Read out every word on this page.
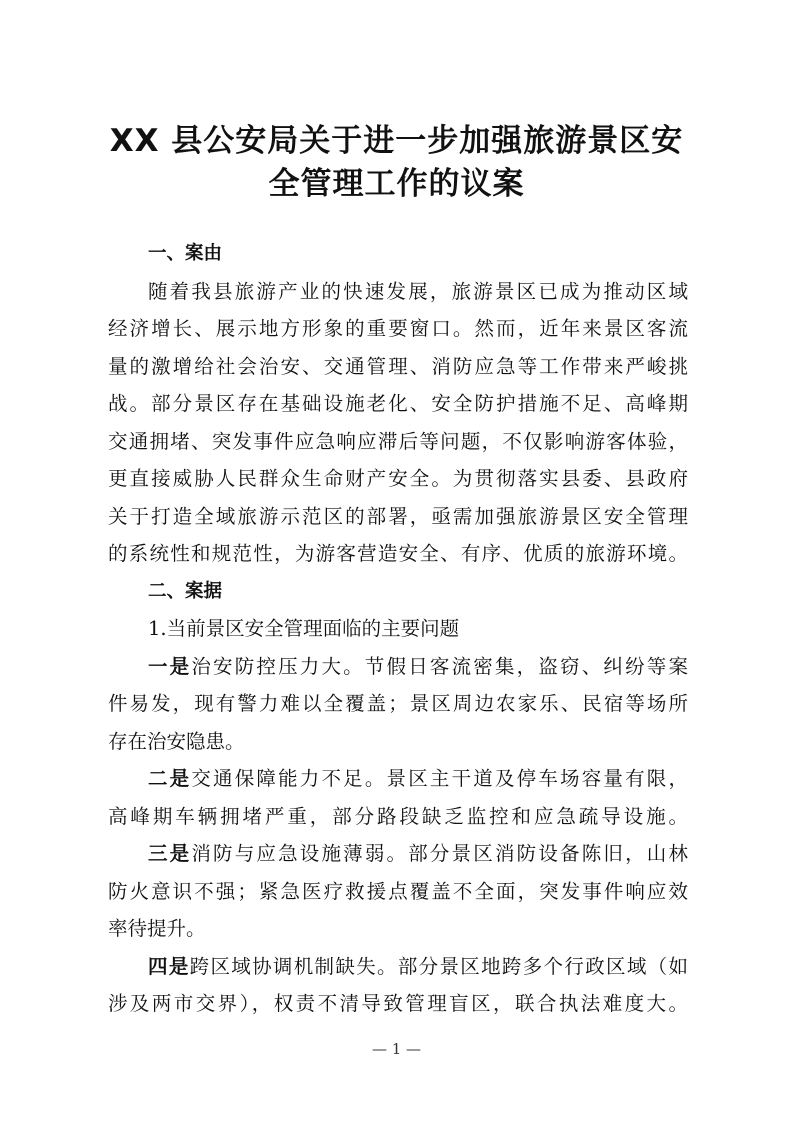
XX 县公安局关于进一步加强旅游景区安
全管理工作的议案
一、案由
随着我县旅游产业的快速发展，旅游景区已成为推动区域
经济增长、展示地方形象的重要窗口。然而，近年来景区客流
量的激增给社会治安、交通管理、消防应急等工作带来严峻挑
战。部分景区存在基础设施老化、安全防护措施不足、高峰期
交通拥堵、突发事件应急响应滞后等问题，不仅影响游客体验，
更直接威胁人民群众生命财产安全。为贯彻落实县委、县政府
关于打造全域旅游示范区的部署，亟需加强旅游景区安全管理
的系统性和规范性，为游客营造安全、有序、优质的旅游环境。
二、案据
1.当前景区安全管理面临的主要问题
一是治安防控压力大。节假日客流密集，盗窃、纠纷等案
件易发，现有警力难以全覆盖；景区周边农家乐、民宿等场所
存在治安隐患。
二是交通保障能力不足。景区主干道及停车场容量有限，
高峰期车辆拥堵严重，部分路段缺乏监控和应急疏导设施。
三是消防与应急设施薄弱。部分景区消防设备陈旧，山林
防火意识不强；紧急医疗救援点覆盖不全面，突发事件响应效
率待提升。
四是跨区域协调机制缺失。部分景区地跨多个行政区域（如
涉及两市交界），权责不清导致管理盲区，联合执法难度大。
— 1 —
